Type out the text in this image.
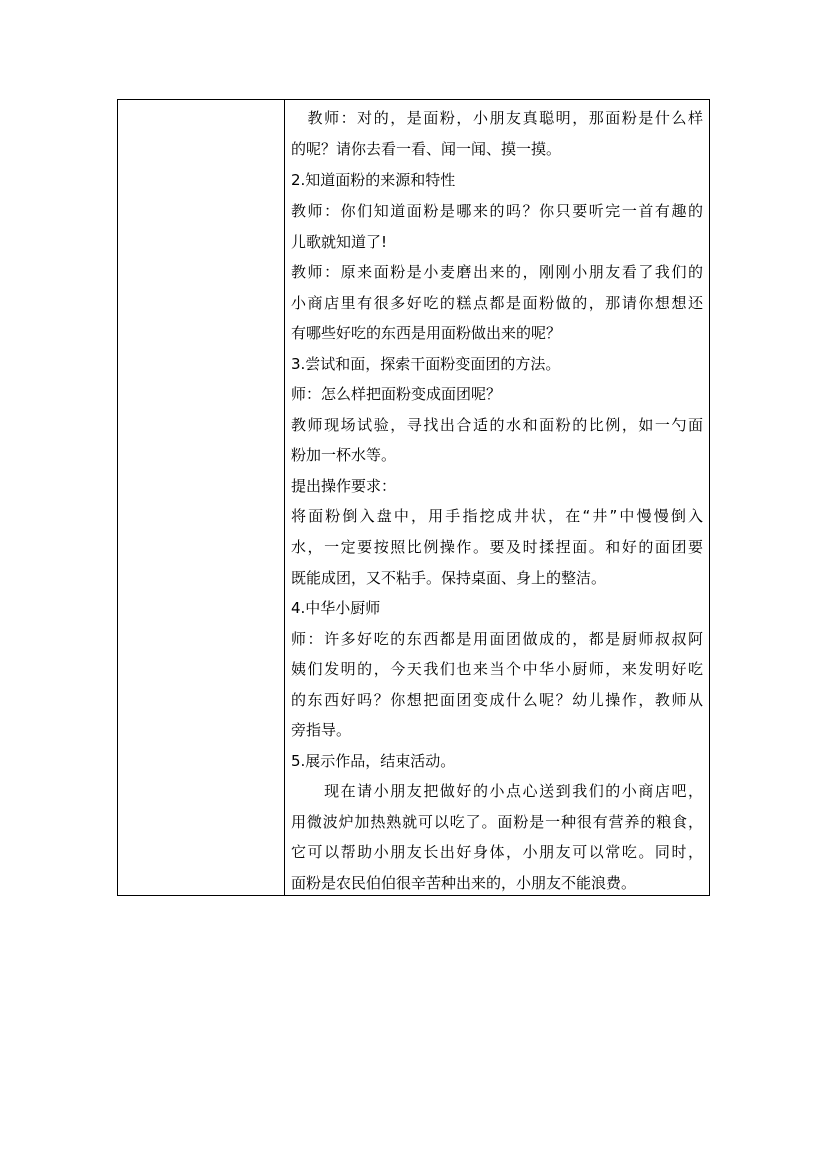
　教师：对的，是面粉，小朋友真聪明，那面粉是什么样
的呢？请你去看一看、闻一闻、摸一摸。
2.知道面粉的来源和特性
教师：你们知道面粉是哪来的吗？你只要听完一首有趣的
儿歌就知道了!
教师：原来面粉是小麦磨出来的，刚刚小朋友看了我们的
小商店里有很多好吃的糕点都是面粉做的，那请你想想还
有哪些好吃的东西是用面粉做出来的呢？
3.尝试和面，探索干面粉变面团的方法。
师：怎么样把面粉变成面团呢？
教师现场试验，寻找出合适的水和面粉的比例，如一勺面
粉加一杯水等。
提出操作要求：
将面粉倒入盘中，用手指挖成井状，在“井”中慢慢倒入
水，一定要按照比例操作。要及时揉捏面。和好的面团要
既能成团，又不粘手。保持桌面、身上的整洁。
4.中华小厨师
师：许多好吃的东西都是用面团做成的，都是厨师叔叔阿
姨们发明的，今天我们也来当个中华小厨师，来发明好吃
的东西好吗？你想把面团变成什么呢？幼儿操作，教师从
旁指导。
5.展示作品，结束活动。
　　现在请小朋友把做好的小点心送到我们的小商店吧，
用微波炉加热熟就可以吃了。面粉是一种很有营养的粮食，
它可以帮助小朋友长出好身体，小朋友可以常吃。同时，
面粉是农民伯伯很辛苦种出来的，小朋友不能浪费。
